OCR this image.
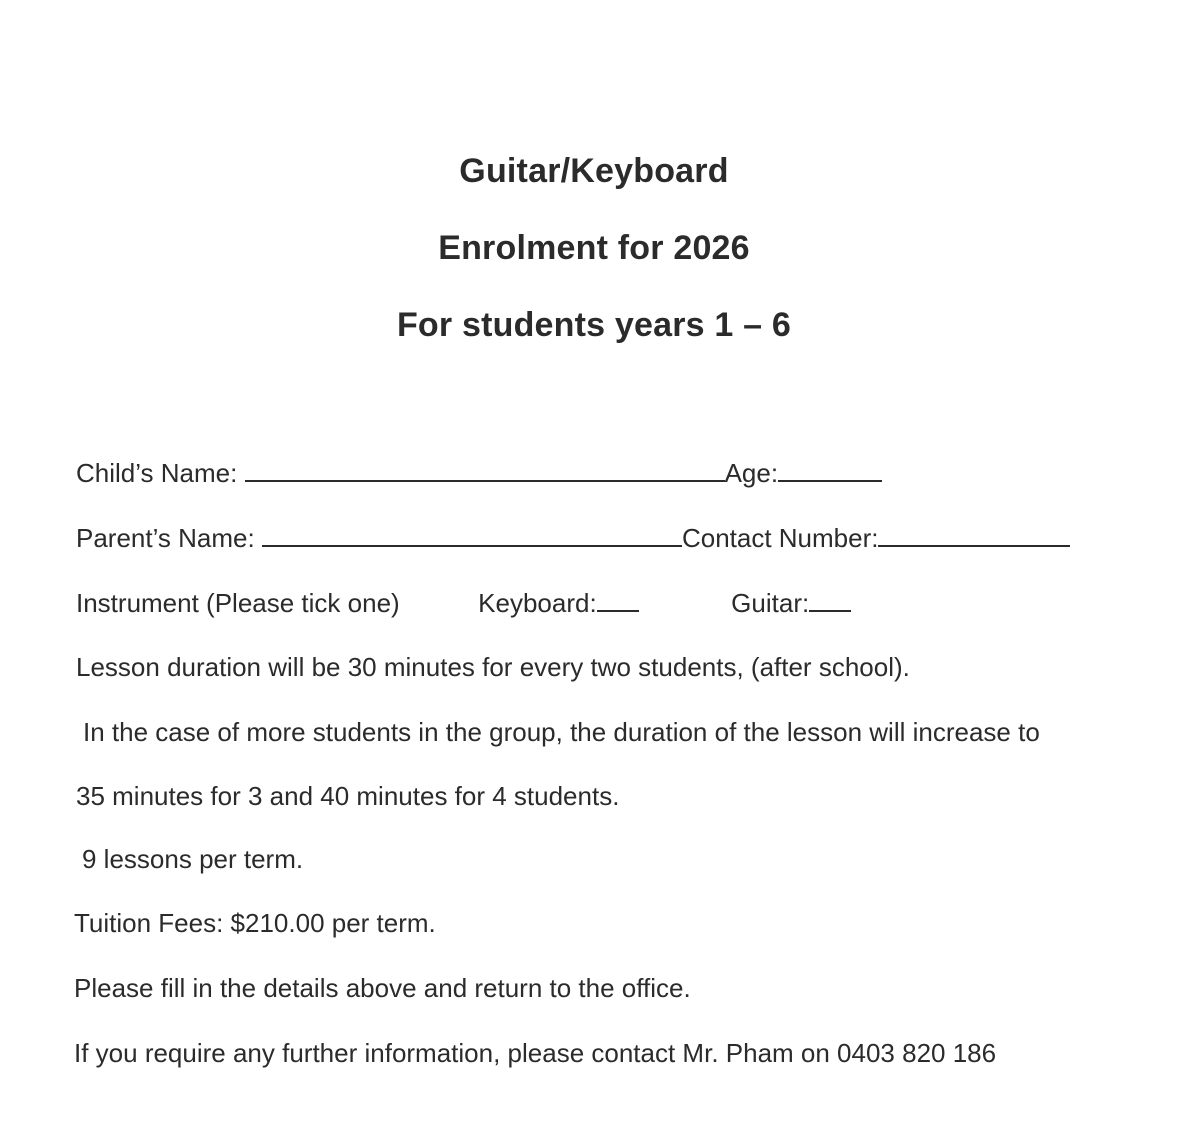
Guitar/Keyboard
Enrolment for 2026
For students years 1 – 6
Child’s Name:	Age:
Parent’s Name:	Contact Number:
Instrument (Please tick one)	Keyboard:	Guitar:
Lesson duration will be 30 minutes for every two students, (after school).
In the case of more students in the group, the duration of the lesson will increase to
35 minutes for 3 and 40 minutes for 4 students.
9 lessons per term.
Tuition Fees: $210.00 per term.
Please fill in the details above and return to the office.
If you require any further information, please contact Mr. Pham on 0403 820 186
